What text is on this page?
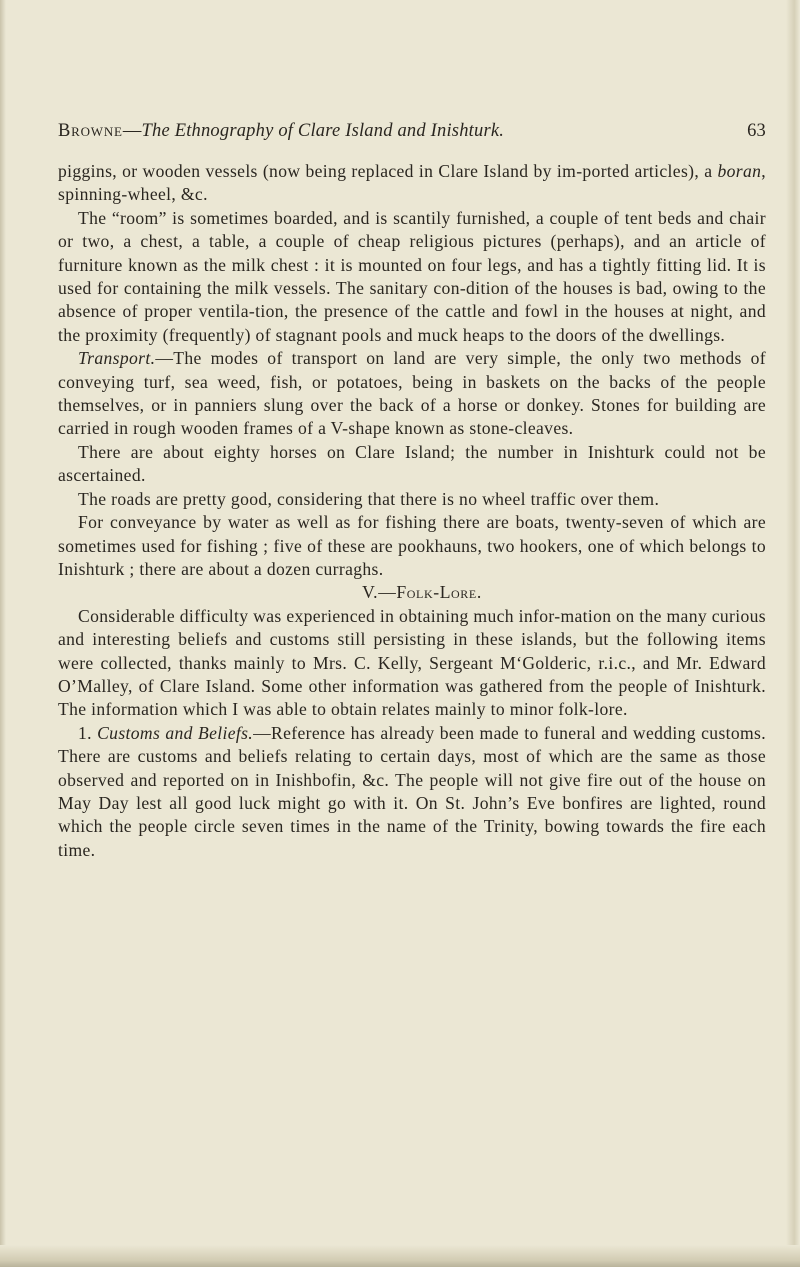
Browne—The Ethnography of Clare Island and Inishturk.	63

piggins, or wooden vessels (now being replaced in Clare Island by im-ported articles), a boran, spinning-wheel, &c.

The “room” is sometimes boarded, and is scantily furnished, a couple of tent beds and chair or two, a chest, a table, a couple of cheap religious pictures (perhaps), and an article of furniture known as the milk chest : it is mounted on four legs, and has a tightly fitting lid. It is used for containing the milk vessels. The sanitary con-dition of the houses is bad, owing to the absence of proper ventila-tion, the presence of the cattle and fowl in the houses at night, and the proximity (frequently) of stagnant pools and muck heaps to the doors of the dwellings.

Transport.—The modes of transport on land are very simple, the only two methods of conveying turf, sea weed, fish, or potatoes, being in baskets on the backs of the people themselves, or in panniers slung over the back of a horse or donkey. Stones for building are carried in rough wooden frames of a V-shape known as stone-cleaves.

There are about eighty horses on Clare Island; the number in Inishturk could not be ascertained.

The roads are pretty good, considering that there is no wheel traffic over them.

For conveyance by water as well as for fishing there are boats, twenty-seven of which are sometimes used for fishing ; five of these are pookhauns, two hookers, one of which belongs to Inishturk ; there are about a dozen curraghs.

V.—Folk-Lore.

Considerable difficulty was experienced in obtaining much infor-mation on the many curious and interesting beliefs and customs still persisting in these islands, but the following items were collected, thanks mainly to Mrs. C. Kelly, Sergeant M‘Golderic, r.i.c., and Mr. Edward O’Malley, of Clare Island. Some other information was gathered from the people of Inishturk. The information which I was able to obtain relates mainly to minor folk-lore.

1. Customs and Beliefs.—Reference has already been made to funeral and wedding customs. There are customs and beliefs relating to certain days, most of which are the same as those observed and reported on in Inishbofin, &c. The people will not give fire out of the house on May Day lest all good luck might go with it. On St. John’s Eve bonfires are lighted, round which the people circle seven times in the name of the Trinity, bowing towards the fire each time.
